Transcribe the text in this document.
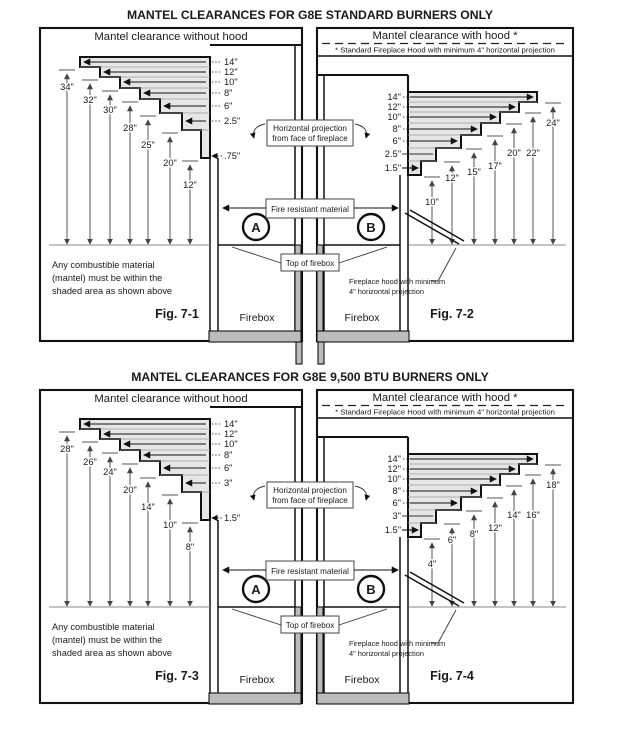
MANTEL CLEARANCES FOR G8E STANDARD BURNERS ONLY
Mantel clearance without hood
14"
12"
10"
8"
6"
2.5"
.75"
34"
32"
30"
28"
25"
20"
12"
Any combustible material
(mantel) must be within the
shaded area as shown above
Fig. 7-1	Firebox
A
Mantel clearance with hood *
* Standard Fireplace Hood with minimum 4" horizontal projection
14"
12"
10"
8"
6"
2.5"
1.5"
10"
12"
15"
17"
20" 22"
24"
Fireplace hood with minimum
4" horizontal projection
Fig. 7-2
Firebox
B
Horizontal projection
from face of fireplace
Fire resistant material
Top of firebox
MANTEL CLEARANCES FOR G8E 9,500 BTU BURNERS ONLY
Mantel clearance without hood
14"
12"
10"
8"
6"
3"
1.5"
28"
26"
24"
20"
14"
10"
8"
Any combustible material
(mantel) must be within the
shaded area as shown above
Fig. 7-3	Firebox
A
Mantel clearance with hood *
* Standard Fireplace Hood with minimum 4" horizontal projection
14"
12"
10"
8"
6"
3"
1.5"
4"
6"
8"
12"
14" 16"
18"
Fireplace hood with minimum
4" horizontal projection
Fig. 7-4
Firebox
B
Horizontal projection
from face of fireplace
Fire resistant material
Top of firebox
